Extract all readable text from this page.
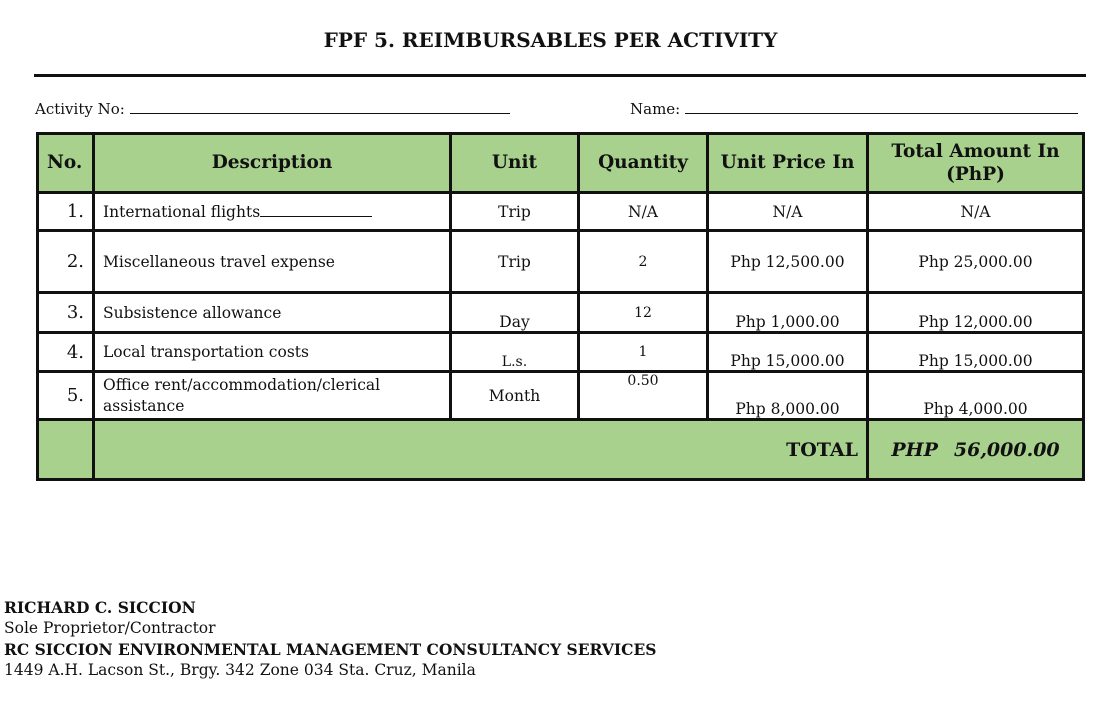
FPF 5. REIMBURSABLES PER ACTIVITY
Activity No:	Name:
No.	Description	Unit	Quantity	Unit Price In	Total Amount In
(PhP)
1.	International flights	Trip	N/A	N/A	N/A
2.	Miscellaneous travel expense	Trip	2	Php 12,500.00	Php 25,000.00
3.	Subsistence allowance	Day	12	Php 1,000.00	Php 12,000.00
4.	Local transportation costs	L.s.	1	Php 15,000.00	Php 15,000.00
5.	Office rent/accommodation/clerical
assistance	Month	0.50	Php 8,000.00	Php 4,000.00
	TOTAL				PHP 56,000.00
RICHARD C. SICCION
Sole Proprietor/Contractor
RC SICCION ENVIRONMENTAL MANAGEMENT CONSULTANCY SERVICES
1449 A.H. Lacson St., Brgy. 342 Zone 034 Sta. Cruz, Manila
